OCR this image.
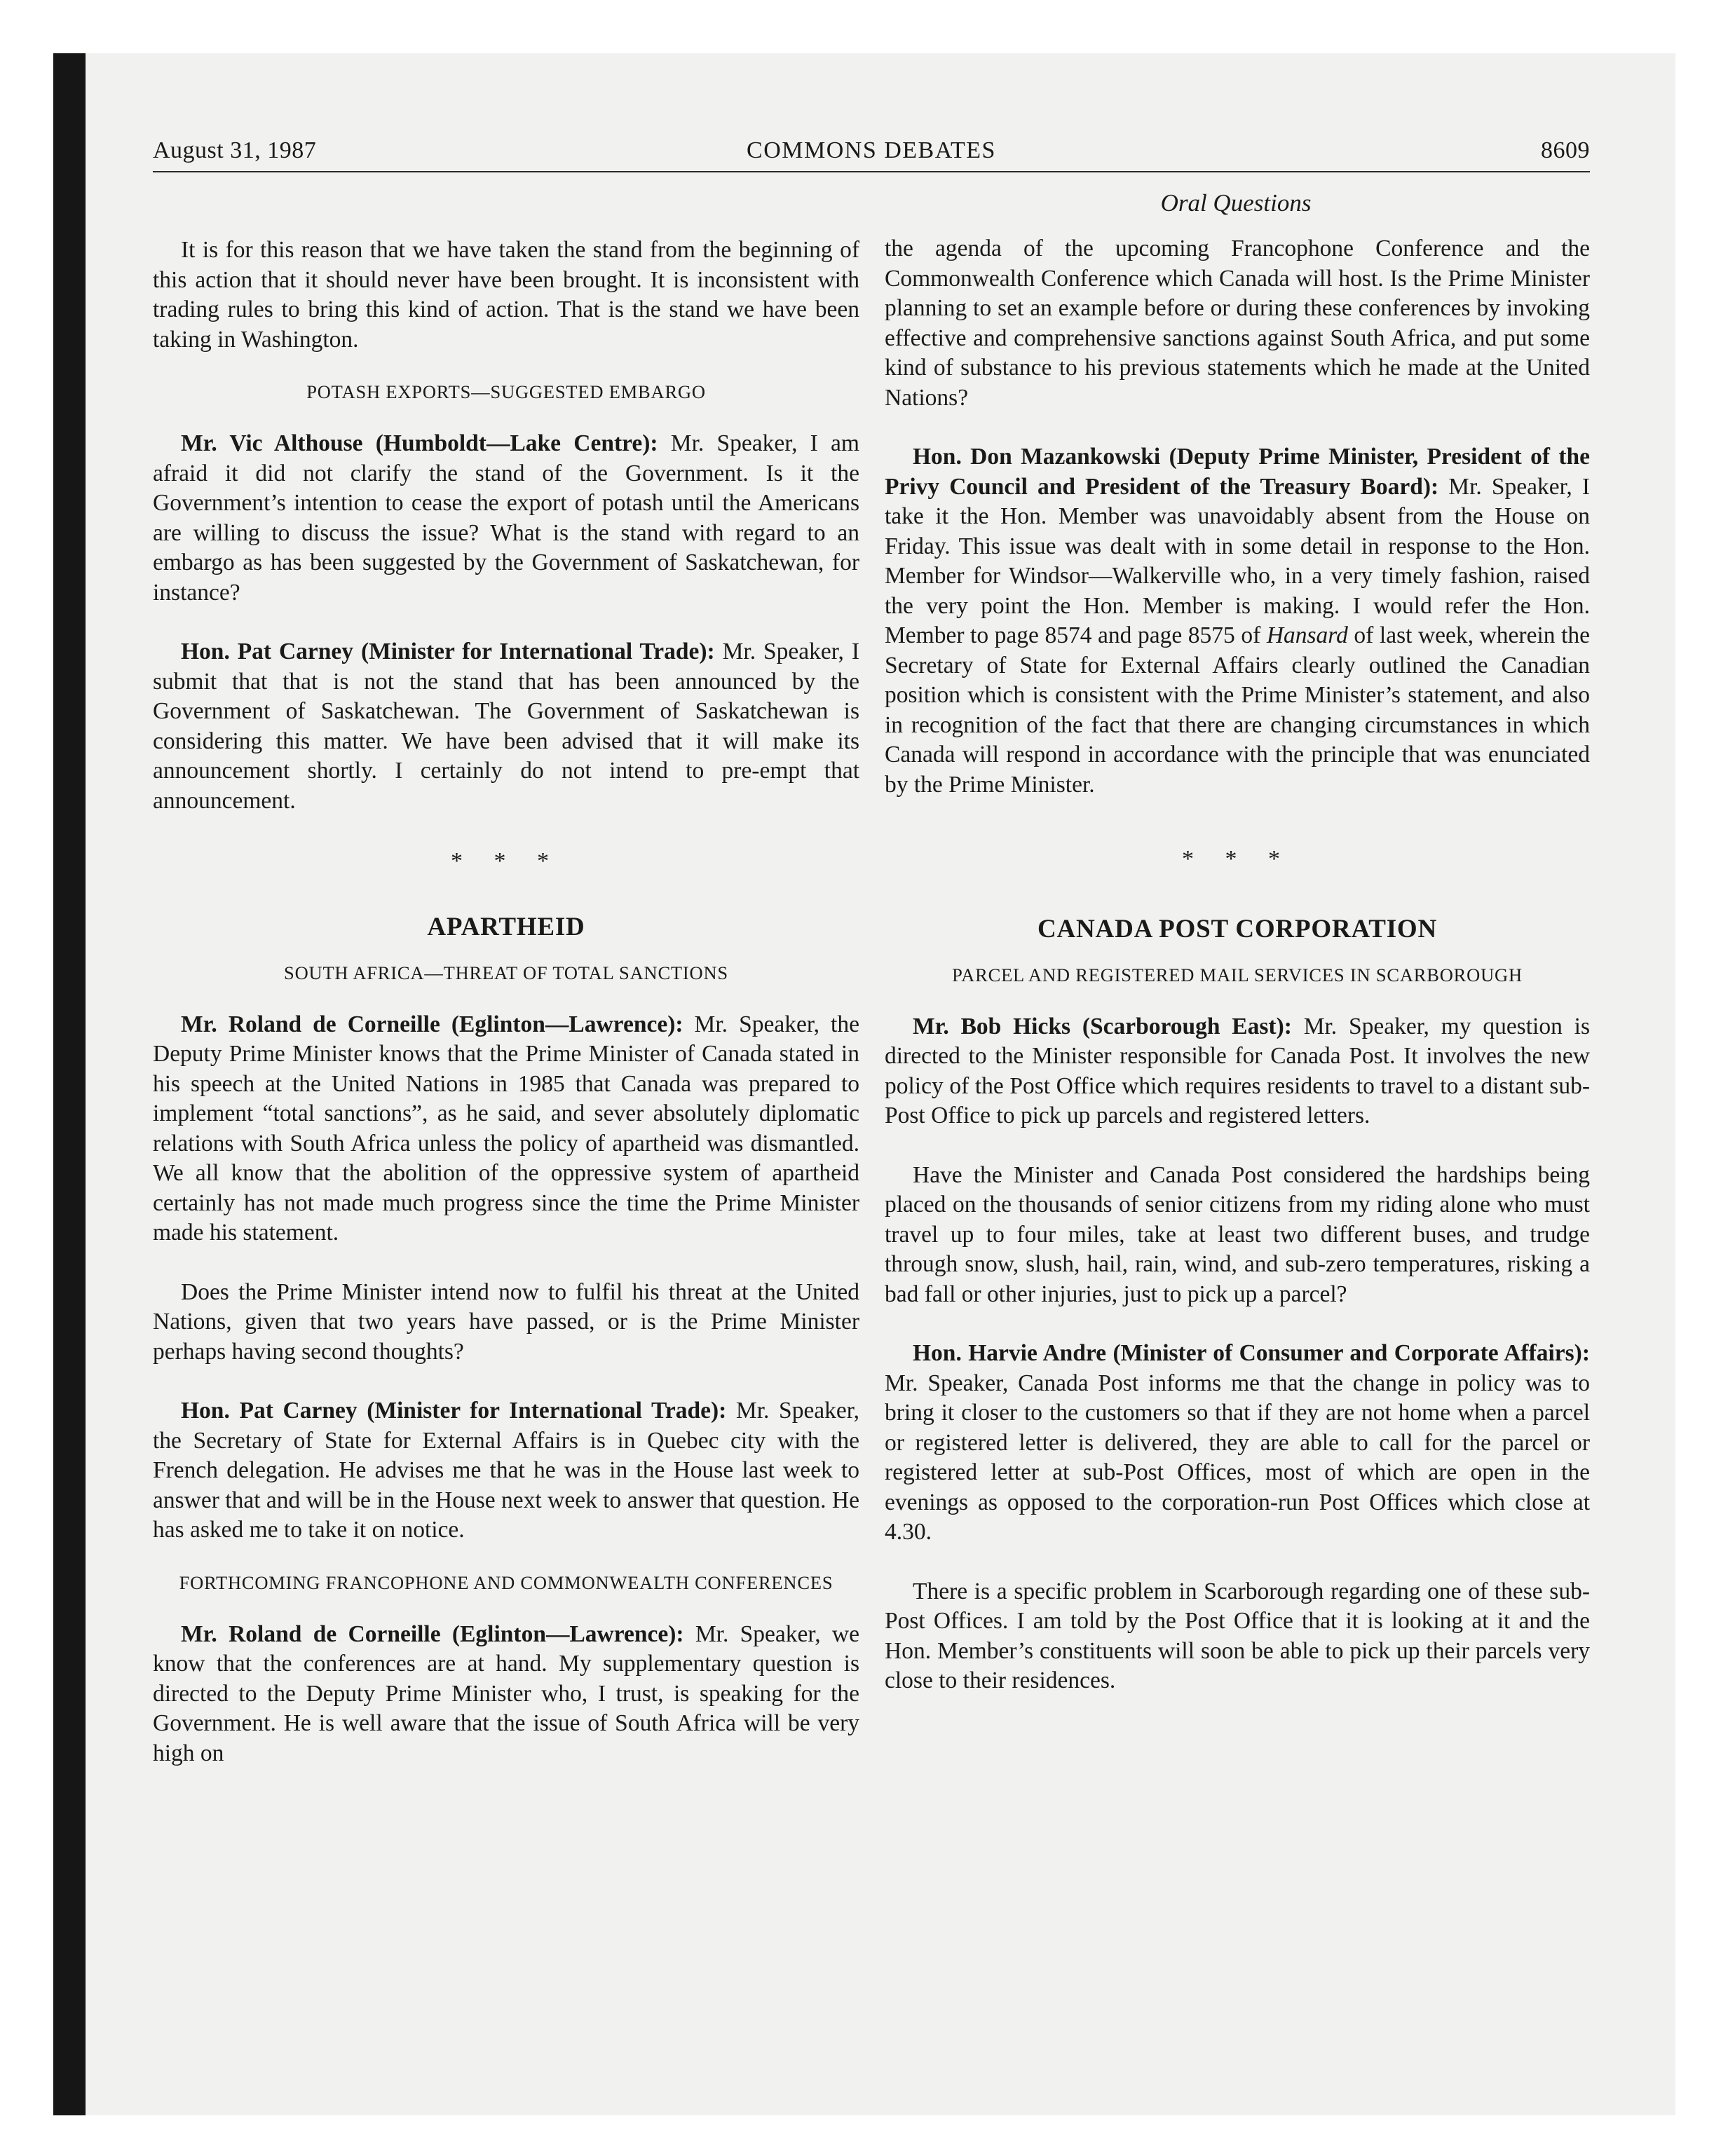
August 31, 1987	COMMONS DEBATES	8609
Oral Questions

It is for this reason that we have taken the stand from the beginning of this action that it should never have been brought. It is inconsistent with trading rules to bring this kind of action. That is the stand we have been taking in Washington.

POTASH EXPORTS—SUGGESTED EMBARGO

Mr. Vic Althouse (Humboldt—Lake Centre): Mr. Speaker, I am afraid it did not clarify the stand of the Government. Is it the Government’s intention to cease the export of potash until the Americans are willing to discuss the issue? What is the stand with regard to an embargo as has been suggested by the Government of Saskatchewan, for instance?

Hon. Pat Carney (Minister for International Trade): Mr. Speaker, I submit that that is not the stand that has been announced by the Government of Saskatchewan. The Government of Saskatchewan is considering this matter. We have been advised that it will make its announcement shortly. I certainly do not intend to pre-empt that announcement.

* * *
APARTHEID
SOUTH AFRICA—THREAT OF TOTAL SANCTIONS

Mr. Roland de Corneille (Eglinton—Lawrence): Mr. Speaker, the Deputy Prime Minister knows that the Prime Minister of Canada stated in his speech at the United Nations in 1985 that Canada was prepared to implement “total sanctions”, as he said, and sever absolutely diplomatic relations with South Africa unless the policy of apartheid was dismantled. We all know that the abolition of the oppressive system of apartheid certainly has not made much progress since the time the Prime Minister made his statement.

Does the Prime Minister intend now to fulfil his threat at the United Nations, given that two years have passed, or is the Prime Minister perhaps having second thoughts?

Hon. Pat Carney (Minister for International Trade): Mr. Speaker, the Secretary of State for External Affairs is in Quebec city with the French delegation. He advises me that he was in the House last week to answer that and will be in the House next week to answer that question. He has asked me to take it on notice.

FORTHCOMING FRANCOPHONE AND COMMONWEALTH CONFERENCES

Mr. Roland de Corneille (Eglinton—Lawrence): Mr. Speaker, we know that the conferences are at hand. My supplementary question is directed to the Deputy Prime Minister who, I trust, is speaking for the Government. He is well aware that the issue of South Africa will be very high on

the agenda of the upcoming Francophone Conference and the Commonwealth Conference which Canada will host. Is the Prime Minister planning to set an example before or during these conferences by invoking effective and comprehensive sanctions against South Africa, and put some kind of substance to his previous statements which he made at the United Nations?

Hon. Don Mazankowski (Deputy Prime Minister, President of the Privy Council and President of the Treasury Board): Mr. Speaker, I take it the Hon. Member was unavoidably absent from the House on Friday. This issue was dealt with in some detail in response to the Hon. Member for Windsor—Walkerville who, in a very timely fashion, raised the very point the Hon. Member is making. I would refer the Hon. Member to page 8574 and page 8575 of Hansard of last week, wherein the Secretary of State for External Affairs clearly outlined the Canadian position which is consistent with the Prime Minister’s statement, and also in recognition of the fact that there are changing circumstances in which Canada will respond in accordance with the principle that was enunciated by the Prime Minister.

* * *
CANADA POST CORPORATION
PARCEL AND REGISTERED MAIL SERVICES IN SCARBOROUGH

Mr. Bob Hicks (Scarborough East): Mr. Speaker, my question is directed to the Minister responsible for Canada Post. It involves the new policy of the Post Office which requires residents to travel to a distant sub-Post Office to pick up parcels and registered letters.

Have the Minister and Canada Post considered the hardships being placed on the thousands of senior citizens from my riding alone who must travel up to four miles, take at least two different buses, and trudge through snow, slush, hail, rain, wind, and sub-zero temperatures, risking a bad fall or other injuries, just to pick up a parcel?

Hon. Harvie Andre (Minister of Consumer and Corporate Affairs): Mr. Speaker, Canada Post informs me that the change in policy was to bring it closer to the customers so that if they are not home when a parcel or registered letter is delivered, they are able to call for the parcel or registered letter at sub-Post Offices, most of which are open in the evenings as opposed to the corporation-run Post Offices which close at 4.30.

There is a specific problem in Scarborough regarding one of these sub-Post Offices. I am told by the Post Office that it is looking at it and the Hon. Member’s constituents will soon be able to pick up their parcels very close to their residences.
